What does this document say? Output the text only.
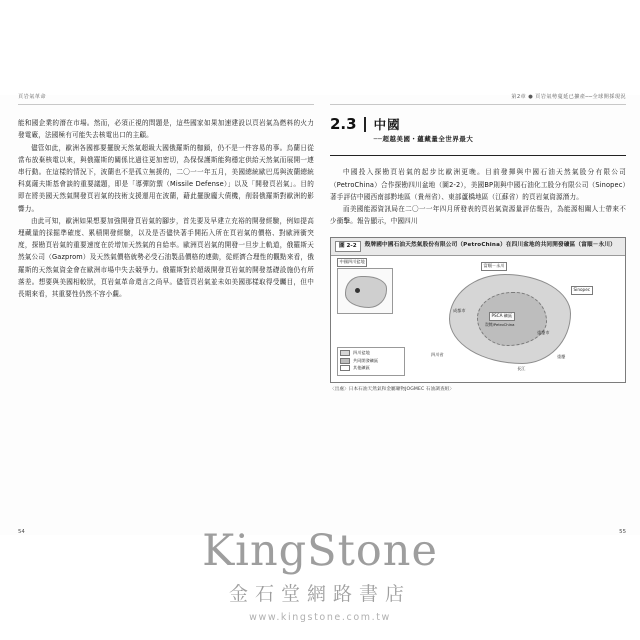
頁岩氣革命

能和國企業的潛在市場。然而，必須正視的問題是，這些國家如果加速建設以頁岩氣為燃料的火力發電廠，法國極有可能失去核電出口的主顧。

儘管如此，歐洲各國都要擺脫天然氣超級大國俄羅斯的枷鎖，仍不是一件容易的事。烏蘭日從當布放棄核電以來，與俄羅斯的關係比過往更加密切，為保保護斯能夠穩定供給天然氣而展開一連串行動。在這樣的情況下，波蘭也不是孤立無援的，二〇一一年五月，美國總統歐巴馬與波蘭總統科莫薩夫斯基會談的重要議題，即是「導彈防禦（Missile Defense）」以及「開發頁岩氣」。目的即在將美國天然氣開發頁岩氣的技術支援運用在波蘭，藉此擺脫龐大債機，削弱俄羅斯對歐洲的影響力。

由此可知，歐洲如果想要加強開發頁岩氣的腳步，首先要及早建立充裕的開發經驗，例如提高埋藏量的採掘準確度、累積開發經驗，以及是否儘快著手開拓入所在頁岩氣的價格、對歐洲衝突度，探勘頁岩氣的重要速度在於增加天然氣的自給率。歐洲頁岩氣的開發一旦步上軌道，俄羅斯天然氣公司（Gazprom）及天然氣價格就勢必受石油製品價格的連動，從經濟合理性的觀點來看，俄羅斯的天然氣資金會在歐洲市場中失去競爭力。俄羅斯對於超級開發頁岩氣的開發基礎設施仍有所落差。想要與美國相較狀，頁岩氣革命還言之尚早。儘管頁岩氣並未如美國那樣取得受矚目，但中長期來看，其重要性仍然不容小覷。

54
第2章 ● 頁岩氣勢蔓延已擴產──全球開採現況
2.3	中國
──超越美國・蘊藏量全世界最大

中國投入探勘頁岩氣的起步比歐洲更晚。目前發揮與中國石油天然氣股分有限公司（PetroChina）合作探勘四川盆地（圖2-2），美國BP則與中國石油化工股分有限公司（Sinopec）著手評估中國西南部黔地區（貴州省）、東部蘆橋地區（江蘇省）的頁岩氣資源潛力。

而美國能源資訊局在二〇一一年四月所發表的頁岩氣資源量評估報告，為能源相關人士帶來不少衝擊。報告顯示，中國四川

圖 2-2	殼牌國中國石油天然氣股份有限公司（PetroChina）在四川盆地的共同開發礦區（富順－永川）
中國四川盆地
富順－永川
成都市
重慶市
PSCA 礦區
殼牌/PetroChina
Sinopec
四川省	重慶
長江
四川盆地
共同開發礦區
其他礦區
〈出處〉日本石油天然氣和金屬礦物JOGMEC 石油調查組〉
55
KingStone
金石堂網路書店
www.kingstone.com.tw
